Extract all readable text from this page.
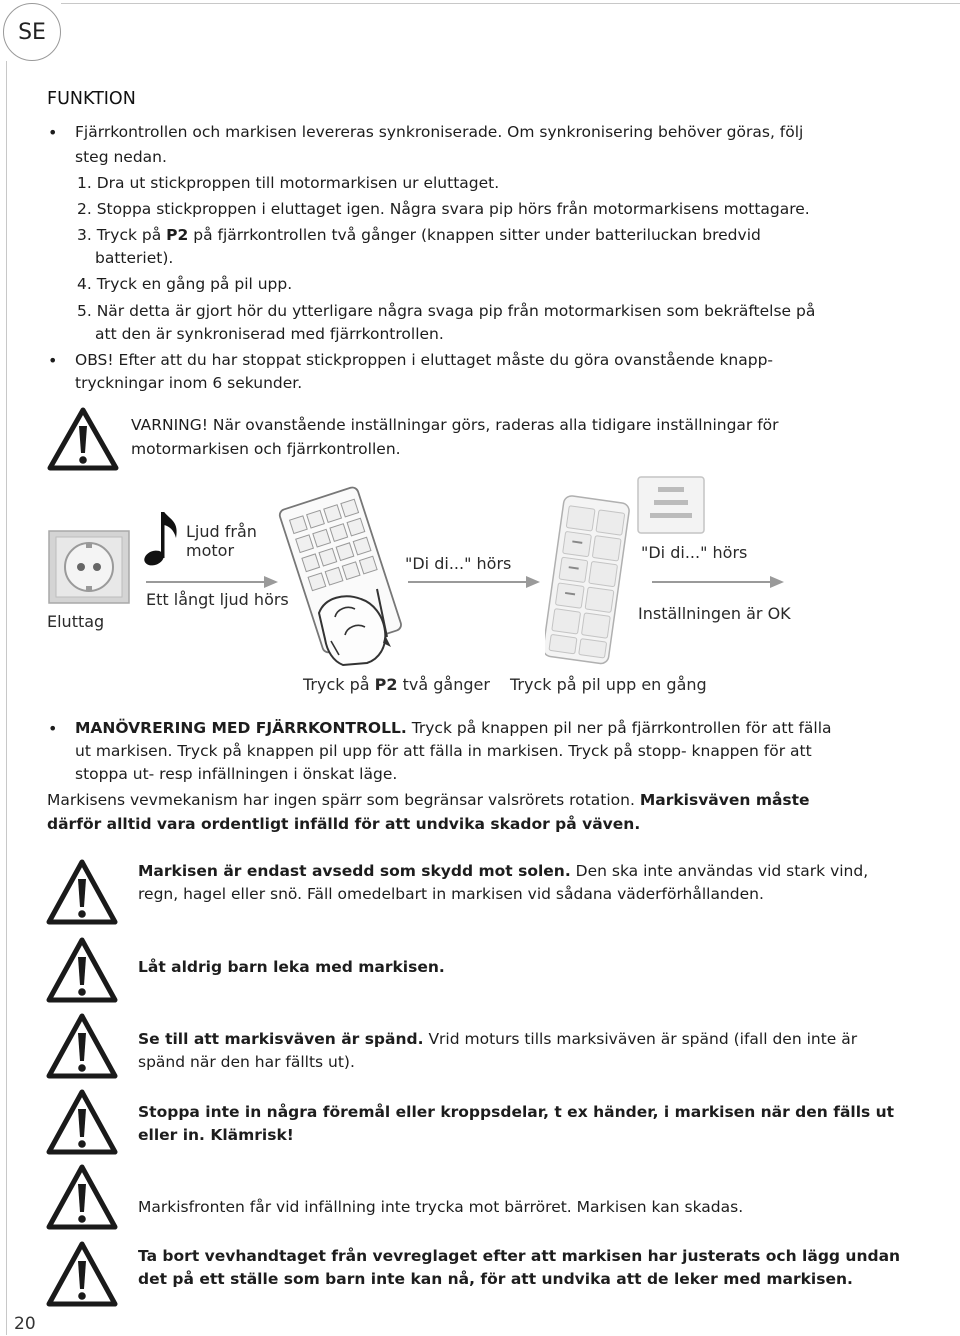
SE
FUNKTION
• Fjärrkontrollen och markisen levereras synkroniserade. Om synkronisering behöver göras, följ
steg nedan.
1. Dra ut stickproppen till motormarkisen ur eluttaget.
2. Stoppa stickproppen i eluttaget igen. Några svara pip hörs från motormarkisens mottagare.
3. Tryck på P2 på fjärrkontrollen två gånger (knappen sitter under batteriluckan bredvid
batteriet).
4. Tryck en gång på pil upp.
5. När detta är gjort hör du ytterligare några svaga pip från motormarkisen som bekräftelse på
att den är synkroniserad med fjärrkontrollen.
• OBS! Efter att du har stoppat stickproppen i eluttaget måste du göra ovanstående knapp-
tryckningar inom 6 sekunder.
VARNING! När ovanstående inställningar görs, raderas alla tidigare inställningar för
motormarkisen och fjärrkontrollen.
Eluttag
Ljud från
motor
Ett långt ljud hörs
"Di di..." hörs
"Di di..." hörs
Inställningen är OK
Tryck på P2 två gånger Tryck på pil upp en gång
• MANÖVRERING MED FJÄRRKONTROLL. Tryck på knappen pil ner på fjärrkontrollen för att fälla
ut markisen. Tryck på knappen pil upp för att fälla in markisen. Tryck på stopp- knappen för att
stoppa ut- resp infällningen i önskat läge.
Markisens vevmekanism har ingen spärr som begränsar valsrörets rotation. Markisväven måste
därför alltid vara ordentligt infälld för att undvika skador på väven.
Markisen är endast avsedd som skydd mot solen. Den ska inte användas vid stark vind,
regn, hagel eller snö. Fäll omedelbart in markisen vid sådana väderförhållanden.
Låt aldrig barn leka med markisen.
Se till att markisväven är spänd. Vrid moturs tills marksiväven är spänd (ifall den inte är
spänd när den har fällts ut).
Stoppa inte in några föremål eller kroppsdelar, t ex händer, i markisen när den fälls ut
eller in. Klämrisk!
Markisfronten får vid infällning inte trycka mot bärröret. Markisen kan skadas.
Ta bort vevhandtaget från vevreglaget efter att markisen har justerats och lägg undan
det på ett ställe som barn inte kan nå, för att undvika att de leker med markisen.
20
